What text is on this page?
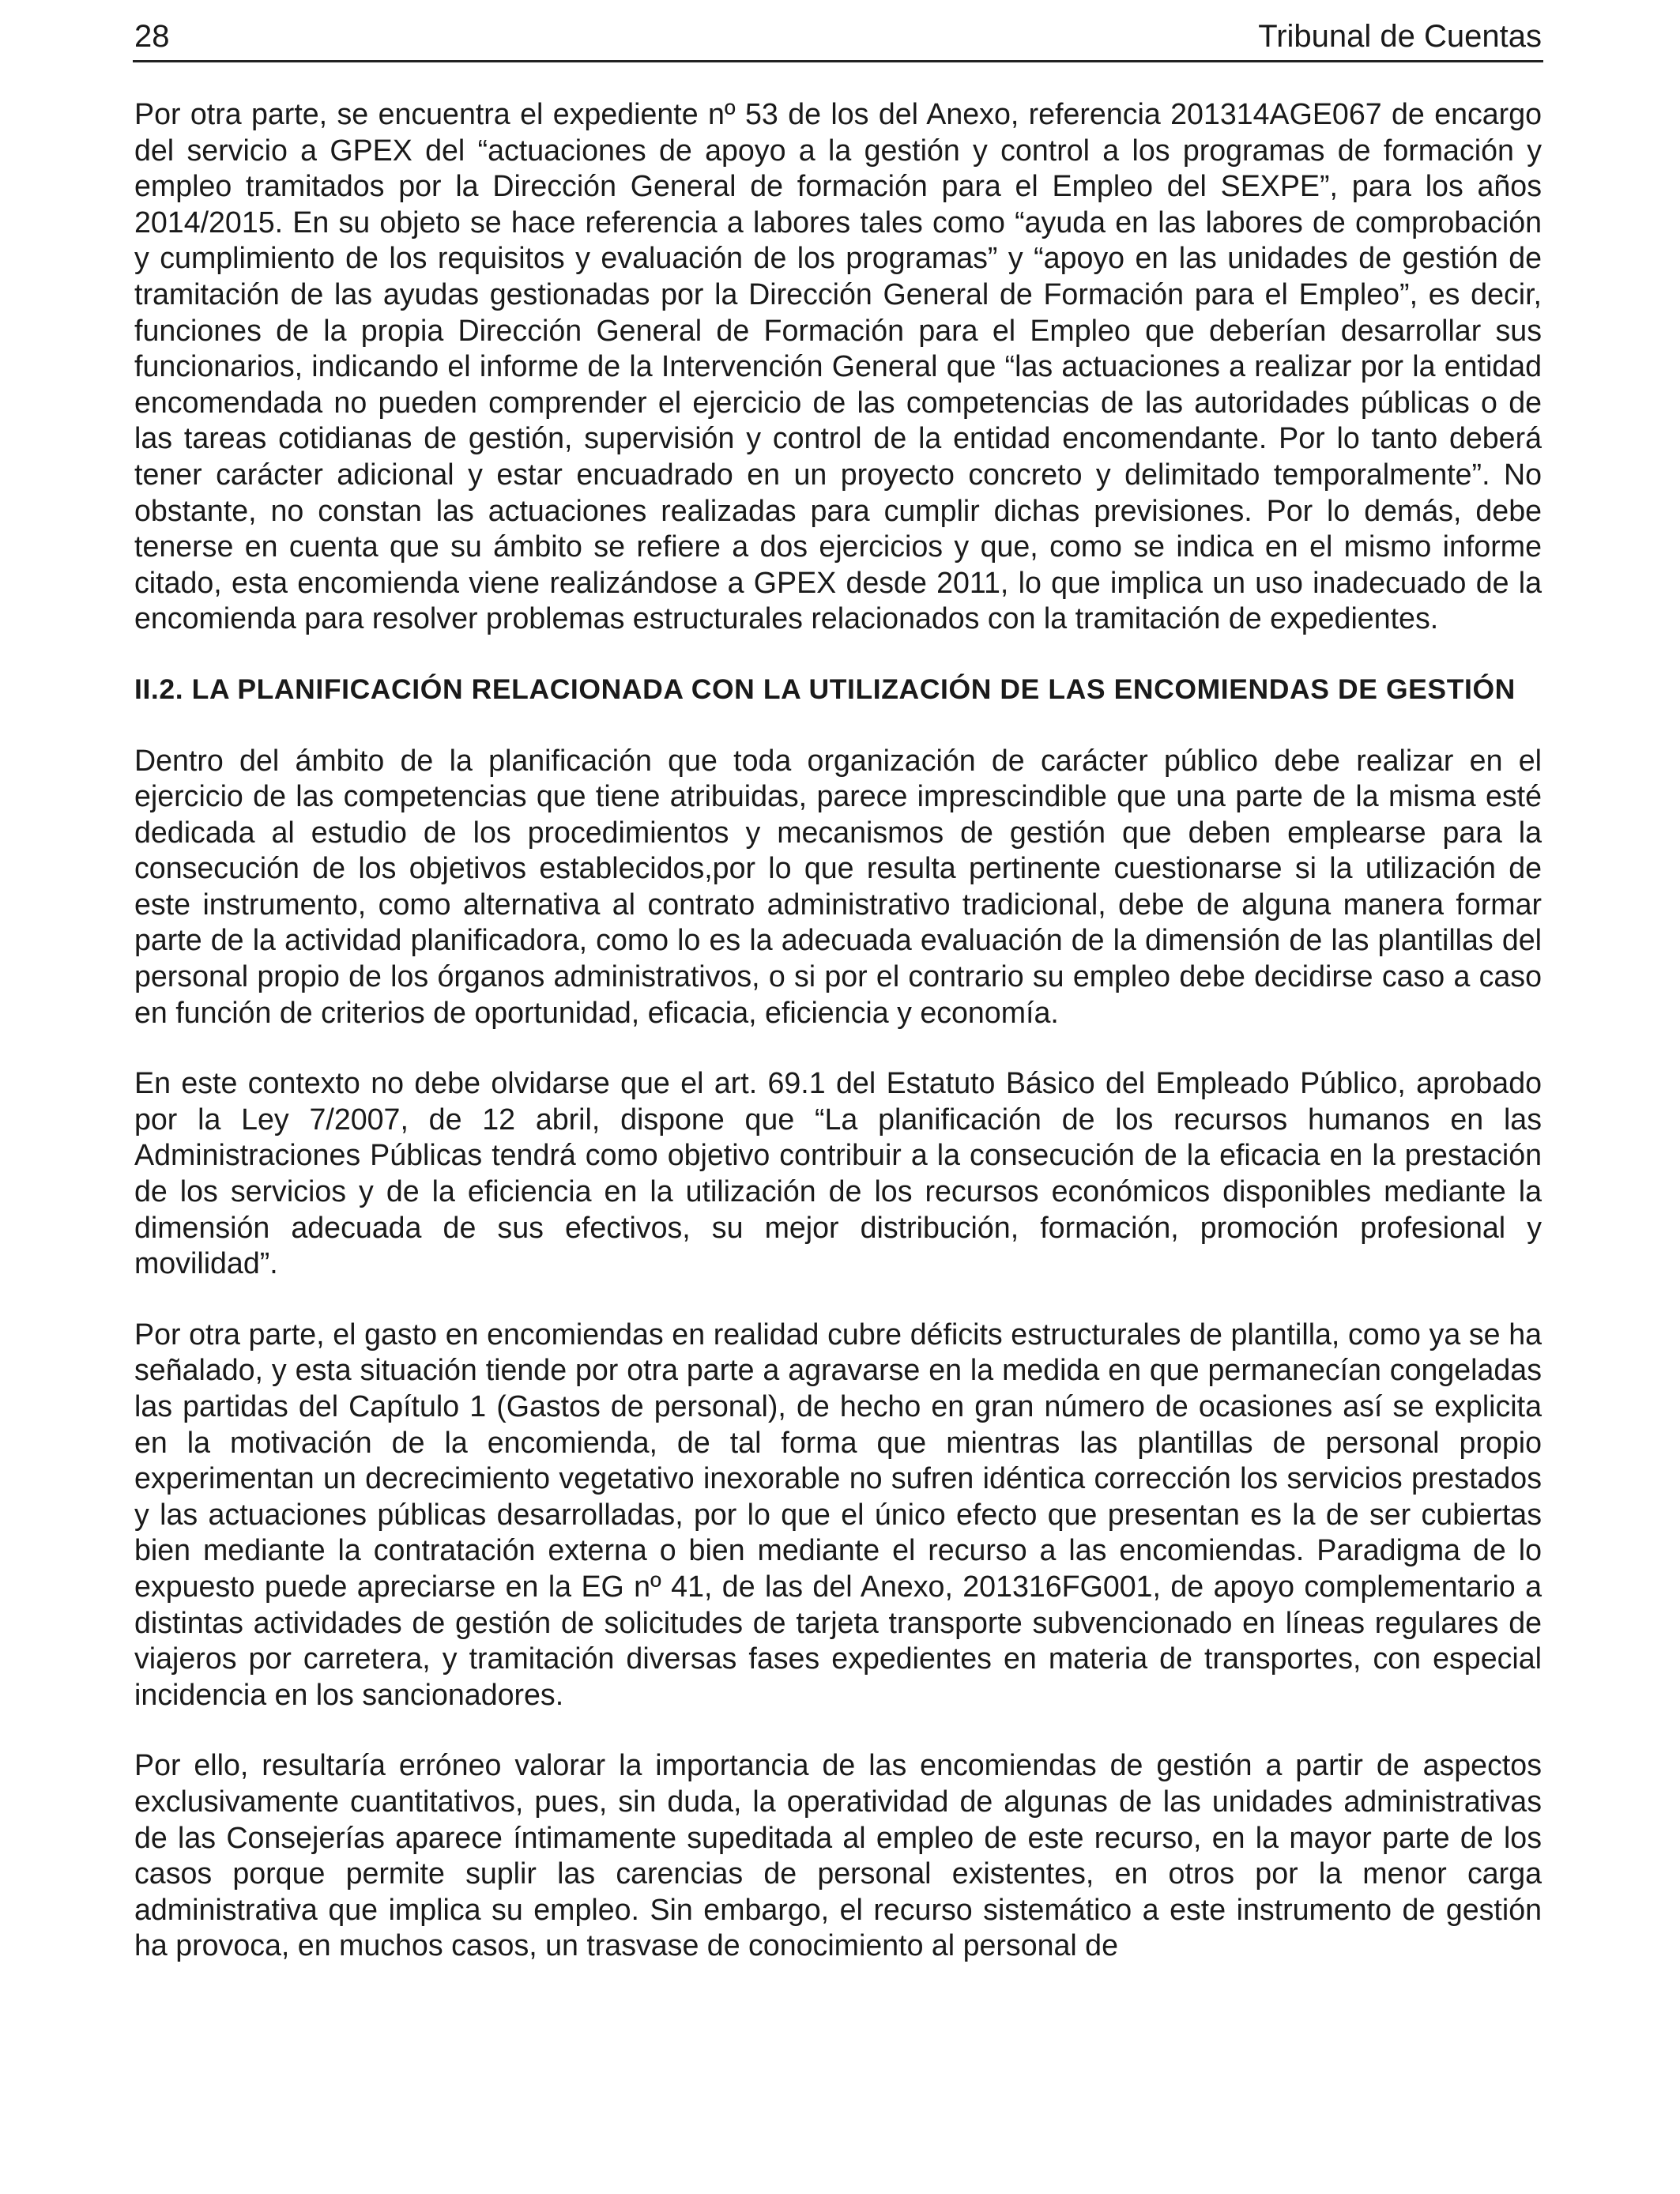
28	Tribunal de Cuentas

Por otra parte, se encuentra el expediente nº 53 de los del Anexo, referencia 201314AGE067 de encargo del servicio a GPEX del “actuaciones de apoyo a la gestión y control a los programas de formación y empleo tramitados por la Dirección General de formación para el Empleo del SEXPE”, para los años 2014/2015. En su objeto se hace referencia a labores tales como “ayuda en las labores de comprobación y cumplimiento de los requisitos y evaluación de los programas” y “apoyo en las unidades de gestión de tramitación de las ayudas gestionadas por la Dirección General de Formación para el Empleo”, es decir, funciones de la propia Dirección General de Formación para el Empleo que deberían desarrollar sus funcionarios, indicando el informe de la Intervención General que “las actuaciones a realizar por la entidad encomendada no pueden comprender el ejercicio de las competencias de las autoridades públicas o de las tareas cotidianas de gestión, supervisión y control de la entidad encomendante. Por lo tanto deberá tener carácter adicional y estar encuadrado en un proyecto concreto y delimitado temporalmente”. No obstante, no constan las actuaciones realizadas para cumplir dichas previsiones. Por lo demás, debe tenerse en cuenta que su ámbito se refiere a dos ejercicios y que, como se indica en el mismo informe citado, esta encomienda viene realizándose a GPEX desde 2011, lo que implica un uso inadecuado de la encomienda para resolver problemas estructurales relacionados con la tramitación de expedientes.

II.2. LA PLANIFICACIÓN RELACIONADA CON LA UTILIZACIÓN DE LAS ENCOMIENDAS DE GESTIÓN

Dentro del ámbito de la planificación que toda organización de carácter público debe realizar en el ejercicio de las competencias que tiene atribuidas, parece imprescindible que una parte de la misma esté dedicada al estudio de los procedimientos y mecanismos de gestión que deben emplearse para la consecución de los objetivos establecidos,por lo que resulta pertinente cuestionarse si la utilización de este instrumento, como alternativa al contrato administrativo tradicional, debe de alguna manera formar parte de la actividad planificadora, como lo es la adecuada evaluación de la dimensión de las plantillas del personal propio de los órganos administrativos, o si por el contrario su empleo debe decidirse caso a caso en función de criterios de oportunidad, eficacia, eficiencia y economía.

En este contexto no debe olvidarse que el art. 69.1 del Estatuto Básico del Empleado Público, aprobado por la Ley 7/2007, de 12 abril, dispone que “La planificación de los recursos humanos en las Administraciones Públicas tendrá como objetivo contribuir a la consecución de la eficacia en la prestación de los servicios y de la eficiencia en la utilización de los recursos económicos disponibles mediante la dimensión adecuada de sus efectivos, su mejor distribución, formación, promoción profesional y movilidad”.

Por otra parte, el gasto en encomiendas en realidad cubre déficits estructurales de plantilla, como ya se ha señalado, y esta situación tiende por otra parte a agravarse en la medida en que permanecían congeladas las partidas del Capítulo 1 (Gastos de personal), de hecho en gran número de ocasiones así se explicita en la motivación de la encomienda, de tal forma que mientras las plantillas de personal propio experimentan un decrecimiento vegetativo inexorable no sufren idéntica corrección los servicios prestados y las actuaciones públicas desarrolladas, por lo que el único efecto que presentan es la de ser cubiertas bien mediante la contratación externa o bien mediante el recurso a las encomiendas. Paradigma de lo expuesto puede apreciarse en la EG nº 41, de las del Anexo, 201316FG001, de apoyo complementario a distintas actividades de gestión de solicitudes de tarjeta transporte subvencionado en líneas regulares de viajeros por carretera, y tramitación diversas fases expedientes en materia de transportes, con especial incidencia en los sancionadores.

Por ello, resultaría erróneo valorar la importancia de las encomiendas de gestión a partir de aspectos exclusivamente cuantitativos, pues, sin duda, la operatividad de algunas de las unidades administrativas de las Consejerías aparece íntimamente supeditada al empleo de este recurso, en la mayor parte de los casos porque permite suplir las carencias de personal existentes, en otros por la menor carga administrativa que implica su empleo. Sin embargo, el recurso sistemático a este instrumento de gestión ha provoca, en muchos casos, un trasvase de conocimiento al personal de
